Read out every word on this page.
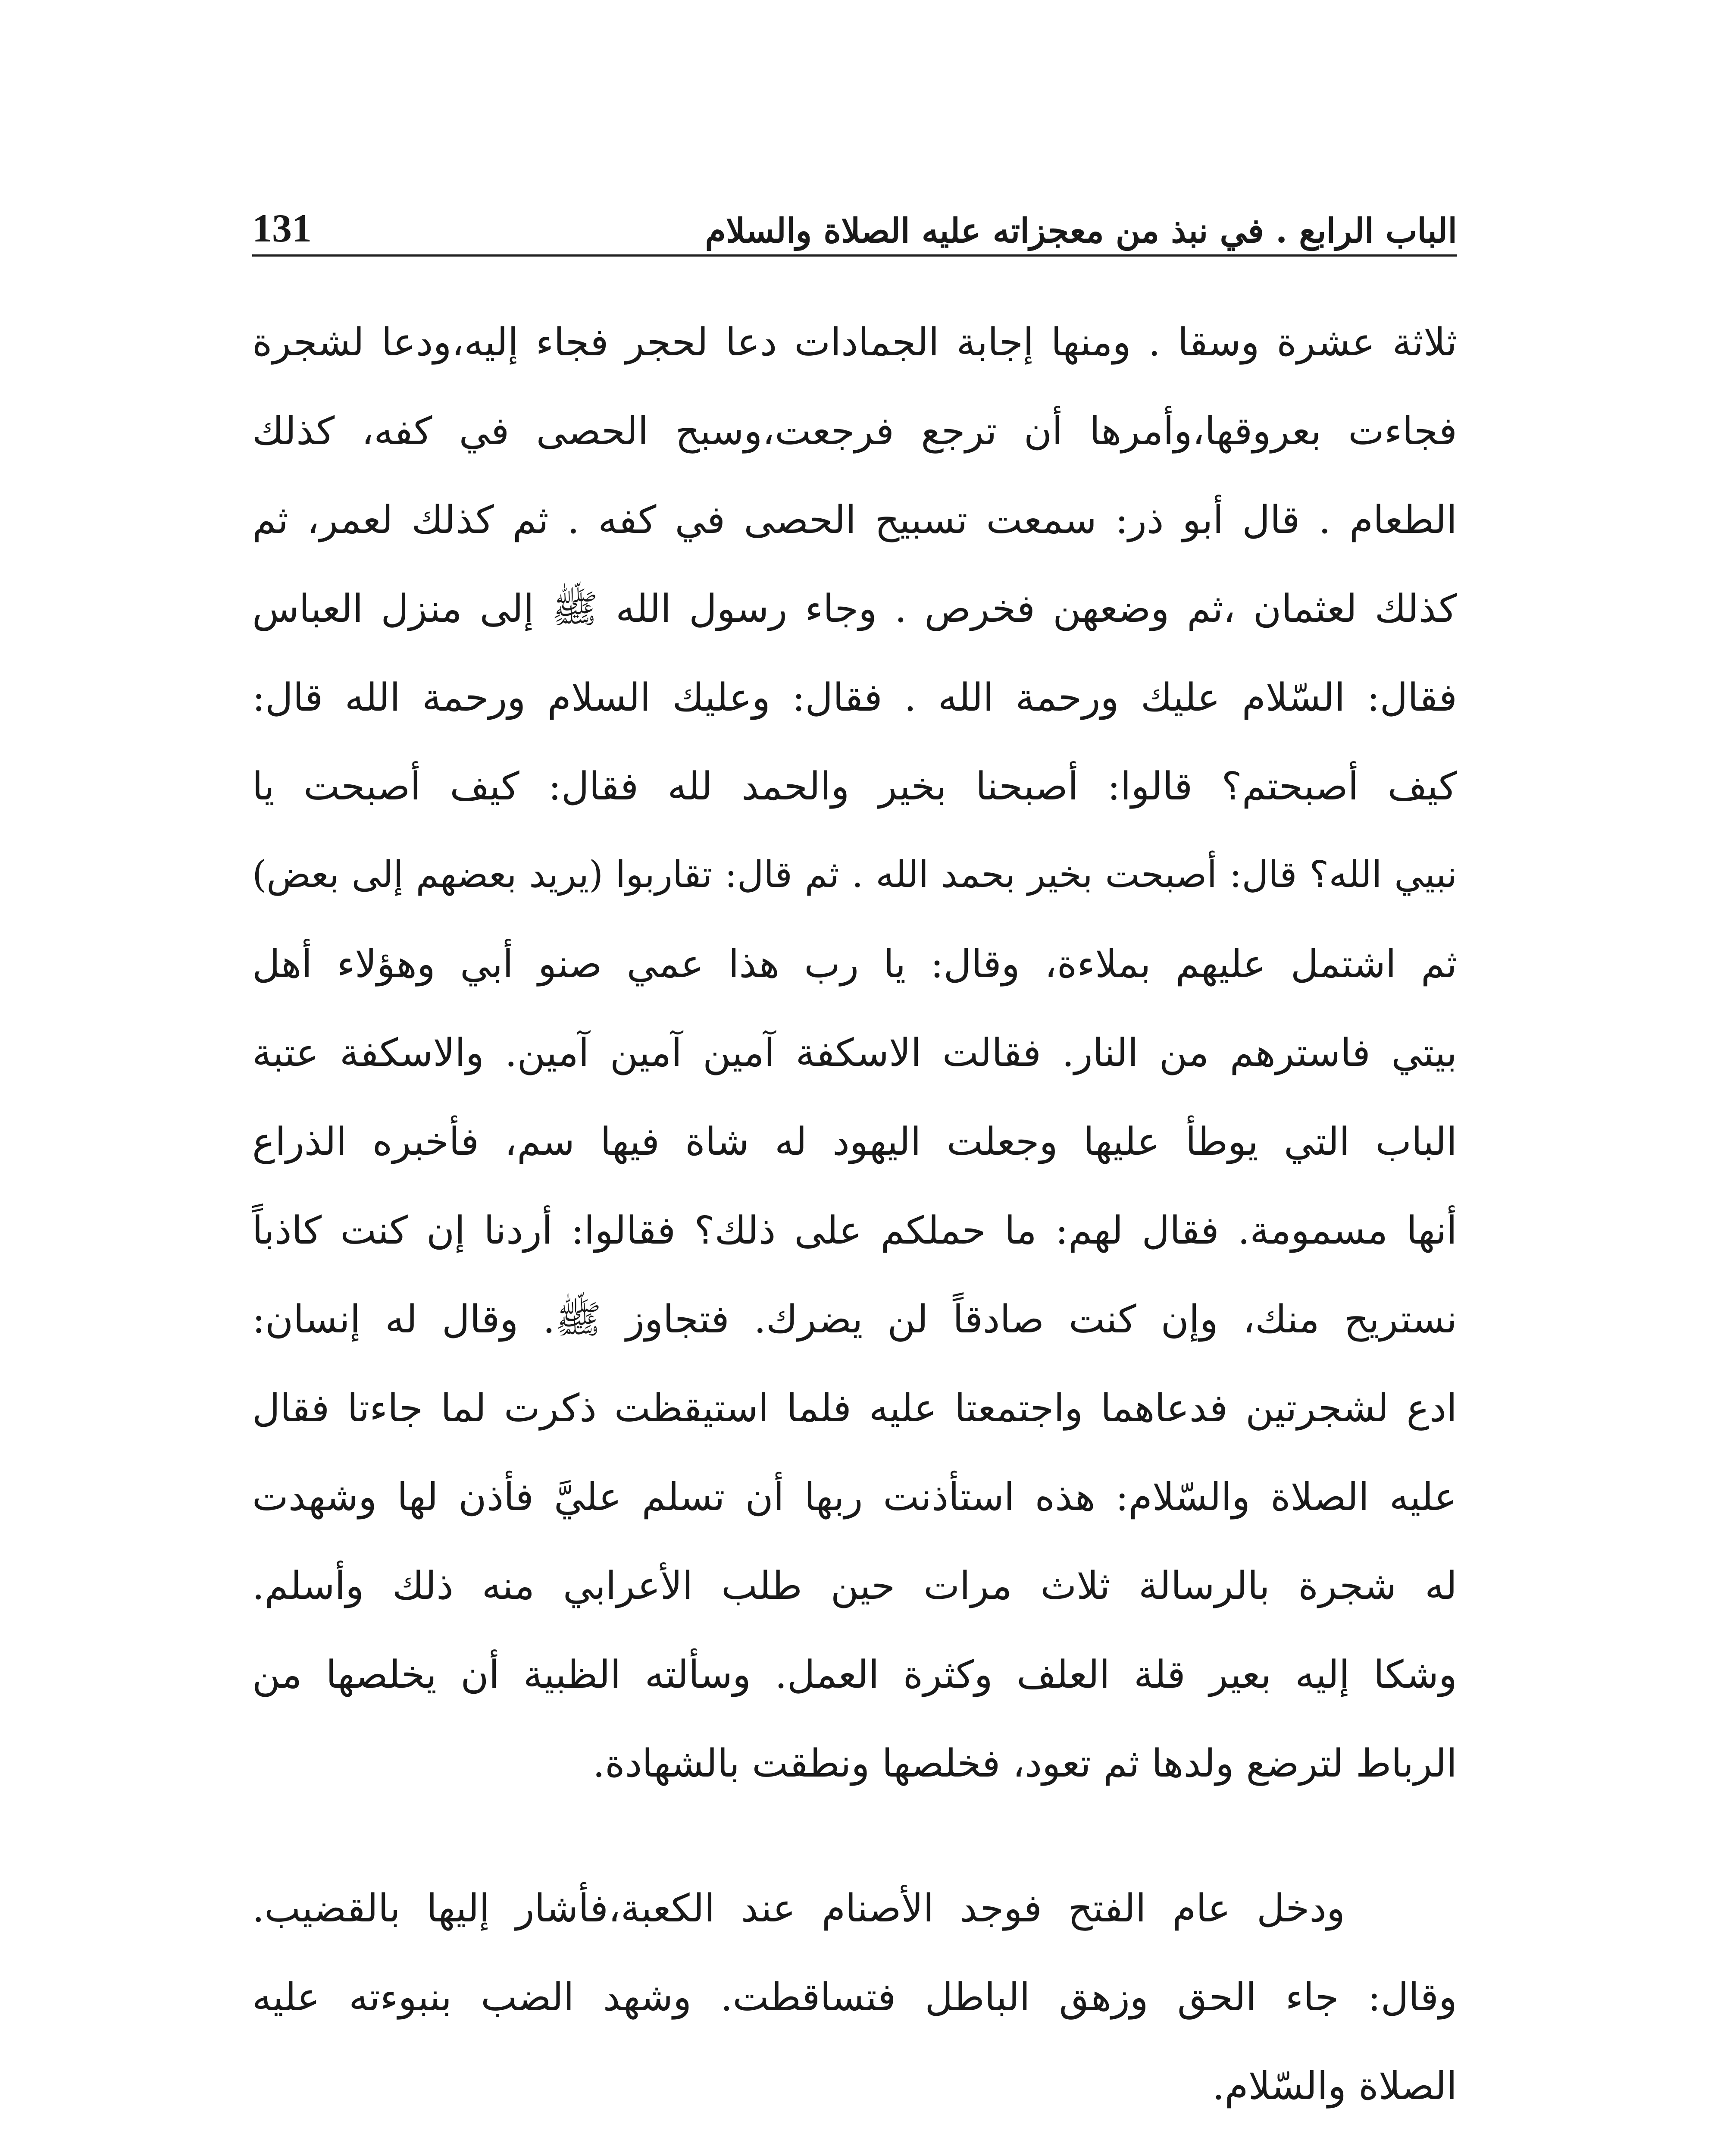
131	الباب الرابع . في نبذ من معجزاته عليه الصلاة والسلام
ثلاثة عشرة وسقا . ومنها إجابة الجمادات دعا لحجر فجاء إليه،ودعا لشجرة
فجاءت بعروقها،وأمرها أن ترجع فرجعت،وسبح الحصى في كفه، كذلك
الطعام . قال أبو ذر: سمعت تسبيح الحصى في كفه . ثم كذلك لعمر، ثم
كذلك لعثمان ،ثم وضعهن فخرص . وجاء رسول الله ﷺ إلى منزل العباس
فقال: السّلام عليك ورحمة الله . فقال: وعليك السلام ورحمة الله قال:
كيف أصبحتم؟ قالوا: أصبحنا بخير والحمد لله فقال: كيف أصبحت يا
نبيي الله؟ قال: أصبحت بخير بحمد الله . ثم قال: تقاربوا (يريد بعضهم إلى بعض)
ثم اشتمل عليهم بملاءة، وقال: يا رب هذا عمي صنو أبي وهؤلاء أهل
بيتي فاسترهم من النار. فقالت الاسكفة آمين آمين آمين. والاسكفة عتبة
الباب التي يوطأ عليها وجعلت اليهود له شاة فيها سم، فأخبره الذراع
أنها مسمومة. فقال لهم: ما حملكم على ذلك؟ فقالوا: أردنا إن كنت كاذباً
نستريح منك، وإن كنت صادقاً لن يضرك. فتجاوز ﷺ. وقال له إنسان:
ادع لشجرتين فدعاهما واجتمعتا عليه فلما استيقظت ذكرت لما جاءتا فقال
عليه الصلاة والسّلام: هذه استأذنت ربها أن تسلم عليَّ فأذن لها وشهدت
له شجرة بالرسالة ثلاث مرات حين طلب الأعرابي منه ذلك وأسلم.
وشكا إليه بعير قلة العلف وكثرة العمل. وسألته الظبية أن يخلصها من
الرباط لترضع ولدها ثم تعود، فخلصها ونطقت بالشهادة.
ودخل عام الفتح فوجد الأصنام عند الكعبة،فأشار إليها بالقضيب.
وقال: جاء الحق وزهق الباطل فتساقطت. وشهد الضب بنبوءته عليه
الصلاة والسّلام.
